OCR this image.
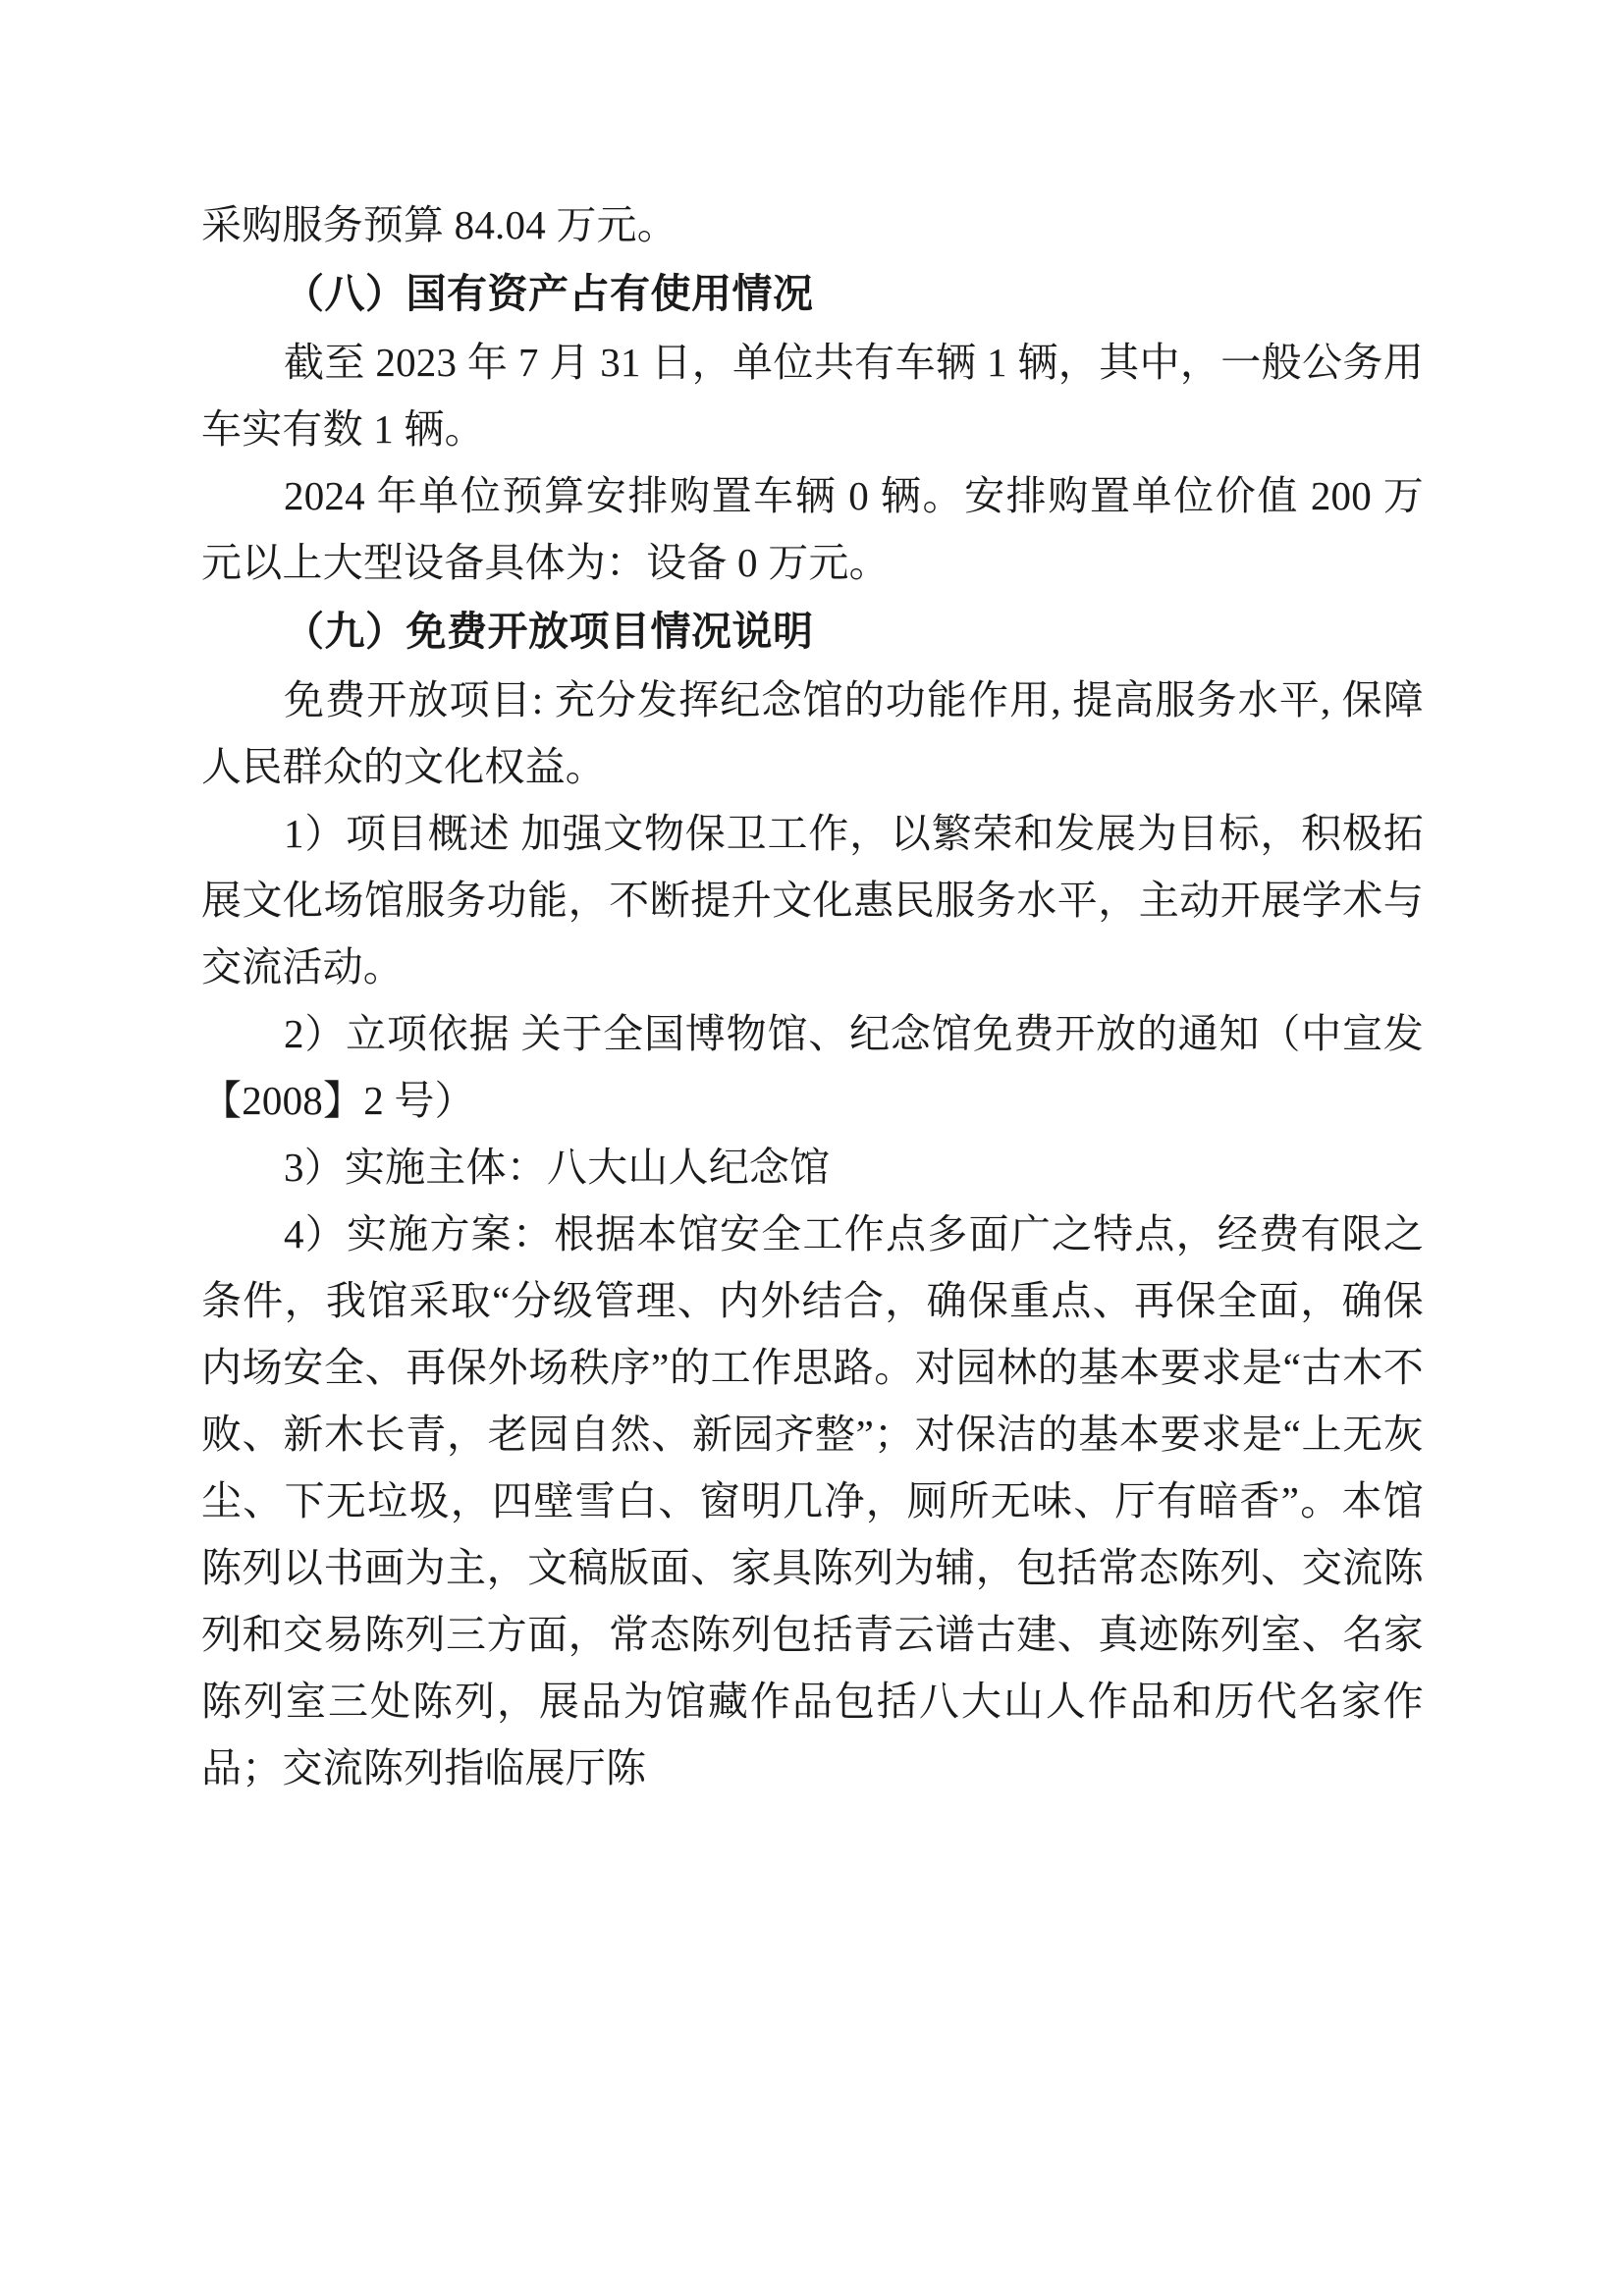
采购服务预算 84.04 万元。

（八）国有资产占有使用情况

截至 2023 年 7 月 31 日，单位共有车辆 1 辆，其中，一般公务用车实有数 1 辆。

2024 年单位预算安排购置车辆 0 辆。安排购置单位价值 200 万元以上大型设备具体为：设备 0 万元。

（九）免费开放项目情况说明

免费开放项目: 充分发挥纪念馆的功能作用, 提高服务水平, 保障人民群众的文化权益。

1）项目概述 加强文物保卫工作，以繁荣和发展为目标，积极拓展文化场馆服务功能，不断提升文化惠民服务水平，主动开展学术与交流活动。

2）立项依据 关于全国博物馆、纪念馆免费开放的通知（中宣发【2008】2 号）

3）实施主体：八大山人纪念馆

4）实施方案：根据本馆安全工作点多面广之特点，经费有限之条件，我馆采取“分级管理、内外结合，确保重点、再保全面，确保内场安全、再保外场秩序”的工作思路。对园林的基本要求是“古木不败、新木长青，老园自然、新园齐整”；对保洁的基本要求是“上无灰尘、下无垃圾，四壁雪白、窗明几净，厕所无味、厅有暗香”。本馆陈列以书画为主，文稿版面、家具陈列为辅，包括常态陈列、交流陈列和交易陈列三方面，常态陈列包括青云谱古建、真迹陈列室、名家陈列室三处陈列，展品为馆藏作品包括八大山人作品和历代名家作品；交流陈列指临展厅陈
